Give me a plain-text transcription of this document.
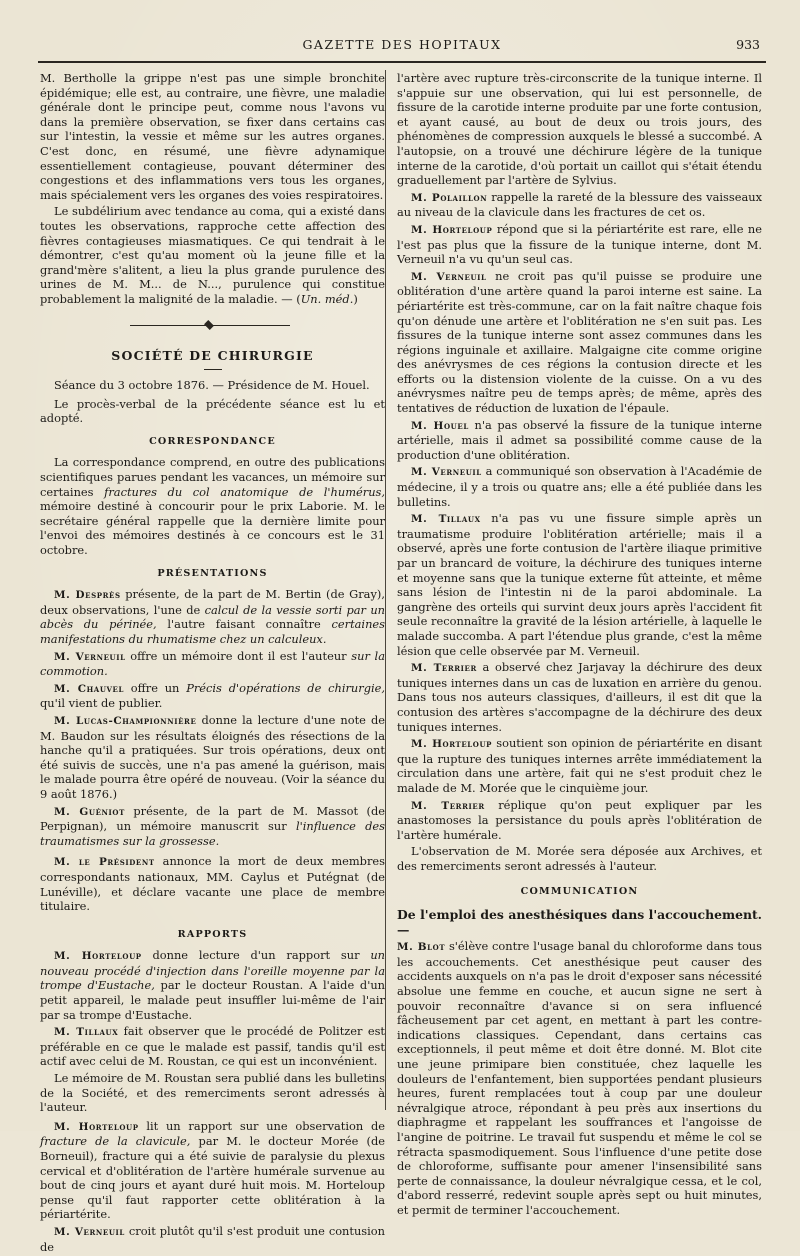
GAZETTE DES HOPITAUX	933

M. Bertholle la grippe n'est pas une simple bronchite épidémique; elle est, au contraire, une fièvre, une maladie générale dont le principe peut, comme nous l'avons vu dans la première observation, se fixer dans certains cas sur l'intestin, la vessie et même sur les autres organes. C'est donc, en résumé, une fièvre adynamique essentiellement contagieuse, pouvant déterminer des congestions et des inflammations vers tous les organes, mais spécialement vers les organes des voies respiratoires.

Le subdélirium avec tendance au coma, qui a existé dans toutes les observations, rapproche cette affection des fièvres contagieuses miasmatiques. Ce qui tendrait à le démontrer, c'est qu'au moment où la jeune fille et la grand'mère s'alitent, a lieu la plus grande purulence des urines de M. M... de N..., purulence qui constitue probablement la malignité de la maladie. — (Un. méd.)

SOCIÉTÉ DE CHIRURGIE

Séance du 3 octobre 1876. — Présidence de M. Houel.

Le procès-verbal de la précédente séance est lu et adopté.

CORRESPONDANCE

La correspondance comprend, en outre des publications scientifiques parues pendant les vacances, un mémoire sur certaines fractures du col anatomique de l'humérus, mémoire destiné à concourir pour le prix Laborie. M. le secrétaire général rappelle que la dernière limite pour l'envoi des mémoires destinés à ce concours est le 31 octobre.

PRÉSENTATIONS

M. Desprès présente, de la part de M. Bertin (de Gray), deux observations, l'une de calcul de la vessie sorti par un abcès du périnée, l'autre faisant connaître certaines manifestations du rhumatisme chez un calculeux.

M. Verneuil offre un mémoire dont il est l'auteur sur la commotion.

M. Chauvel offre un Précis d'opérations de chirurgie, qu'il vient de publier.

M. Lucas-Championnière donne la lecture d'une note de M. Baudon sur les résultats éloignés des résections de la hanche qu'il a pratiquées. Sur trois opérations, deux ont été suivis de succès, une n'a pas amené la guérison, mais le malade pourra être opéré de nouveau. (Voir la séance du 9 août 1876.)

M. Guéniot présente, de la part de M. Massot (de Perpignan), un mémoire manuscrit sur l'influence des traumatismes sur la grossesse.

M. le Président annonce la mort de deux membres correspondants nationaux, MM. Caylus et Putégnat (de Lunéville), et déclare vacante une place de membre titulaire.

RAPPORTS

M. Horteloup donne lecture d'un rapport sur un nouveau procédé d'injection dans l'oreille moyenne par la trompe d'Eustache, par le docteur Roustan. A l'aide d'un petit appareil, le malade peut insuffler lui-même de l'air par sa trompe d'Eustache.

M. Tillaux fait observer que le procédé de Politzer est préférable en ce que le malade est passif, tandis qu'il est actif avec celui de M. Roustan, ce qui est un inconvénient.

Le mémoire de M. Roustan sera publié dans les bulletins de la Société, et des remerciments seront adressés à l'auteur.

M. Horteloup lit un rapport sur une observation de fracture de la clavicule, par M. le docteur Morée (de Borneuil), fracture qui a été suivie de paralysie du plexus cervical et d'oblitération de l'artère humérale survenue au bout de cinq jours et ayant duré huit mois. M. Horteloup pense qu'il faut rapporter cette oblitération à la périartérite.

M. Verneuil croit plutôt qu'il s'est produit une contusion de

l'artère avec rupture très-circonscrite de la tunique interne. Il s'appuie sur une observation, qui lui est personnelle, de fissure de la carotide interne produite par une forte contusion, et ayant causé, au bout de deux ou trois jours, des phénomènes de compression auxquels le blessé a succombé. A l'autopsie, on a trouvé une déchirure légère de la tunique interne de la carotide, d'où portait un caillot qui s'était étendu graduellement par l'artère de Sylvius.

M. Polaillon rappelle la rareté de la blessure des vaisseaux au niveau de la clavicule dans les fractures de cet os.

M. Horteloup répond que si la périartérite est rare, elle ne l'est pas plus que la fissure de la tunique interne, dont M. Verneuil n'a vu qu'un seul cas.

M. Verneuil ne croit pas qu'il puisse se produire une oblitération d'une artère quand la paroi interne est saine. La périartérite est très-commune, car on la fait naître chaque fois qu'on dénude une artère et l'oblitération ne s'en suit pas. Les fissures de la tunique interne sont assez communes dans les régions inguinale et axillaire. Malgaigne cite comme origine des anévrysmes de ces régions la contusion directe et les efforts ou la distension violente de la cuisse. On a vu des anévrysmes naître peu de temps après; de même, après des tentatives de réduction de luxation de l'épaule.

M. Houel n'a pas observé la fissure de la tunique interne artérielle, mais il admet sa possibilité comme cause de la production d'une oblitération.

M. Verneuil a communiqué son observation à l'Académie de médecine, il y a trois ou quatre ans; elle a été publiée dans les bulletins.

M. Tillaux n'a pas vu une fissure simple après un traumatisme produire l'oblitération artérielle; mais il a observé, après une forte contusion de l'artère iliaque primitive par un brancard de voiture, la déchirure des tuniques interne et moyenne sans que la tunique externe fût atteinte, et même sans lésion de l'intestin ni de la paroi abdominale. La gangrène des orteils qui survint deux jours après l'accident fit seule reconnaître la gravité de la lésion artérielle, à laquelle le malade succomba. A part l'étendue plus grande, c'est la même lésion que celle observée par M. Verneuil.

M. Terrier a observé chez Jarjavay la déchirure des deux tuniques internes dans un cas de luxation en arrière du genou. Dans tous nos auteurs classiques, d'ailleurs, il est dit que la contusion des artères s'accompagne de la déchirure des deux tuniques internes.

M. Horteloup soutient son opinion de périartérite en disant que la rupture des tuniques internes arrête immédiatement la circulation dans une artère, fait qui ne s'est produit chez le malade de M. Morée que le cinquième jour.

M. Terrier réplique qu'on peut expliquer par les anastomoses la persistance du pouls après l'oblitération de l'artère humérale.

L'observation de M. Morée sera déposée aux Archives, et des remerciments seront adressés à l'auteur.

COMMUNICATION

De l'emploi des anesthésiques dans l'accouchement. —

M. Blot s'élève contre l'usage banal du chloroforme dans tous les accouchements. Cet anesthésique peut causer des accidents auxquels on n'a pas le droit d'exposer sans nécessité absolue une femme en couche, et aucun signe ne sert à pouvoir reconnaître d'avance si on sera influencé fâcheusement par cet agent, en mettant à part les contre-indications classiques. Cependant, dans certains cas exceptionnels, il peut même et doit être donné. M. Blot cite une jeune primipare bien constituée, chez laquelle les douleurs de l'enfantement, bien supportées pendant plusieurs heures, furent remplacées tout à coup par une douleur névralgique atroce, répondant à peu près aux insertions du diaphragme et rappelant les souffrances et l'angoisse de l'angine de poitrine. Le travail fut suspendu et même le col se rétracta spasmodiquement. Sous l'influence d'une petite dose de chloroforme, suffisante pour amener l'insensibilité sans perte de connaissance, la douleur névralgique cessa, et le col, d'abord resserré, redevint souple après sept ou huit minutes, et permit de terminer l'accouchement.
